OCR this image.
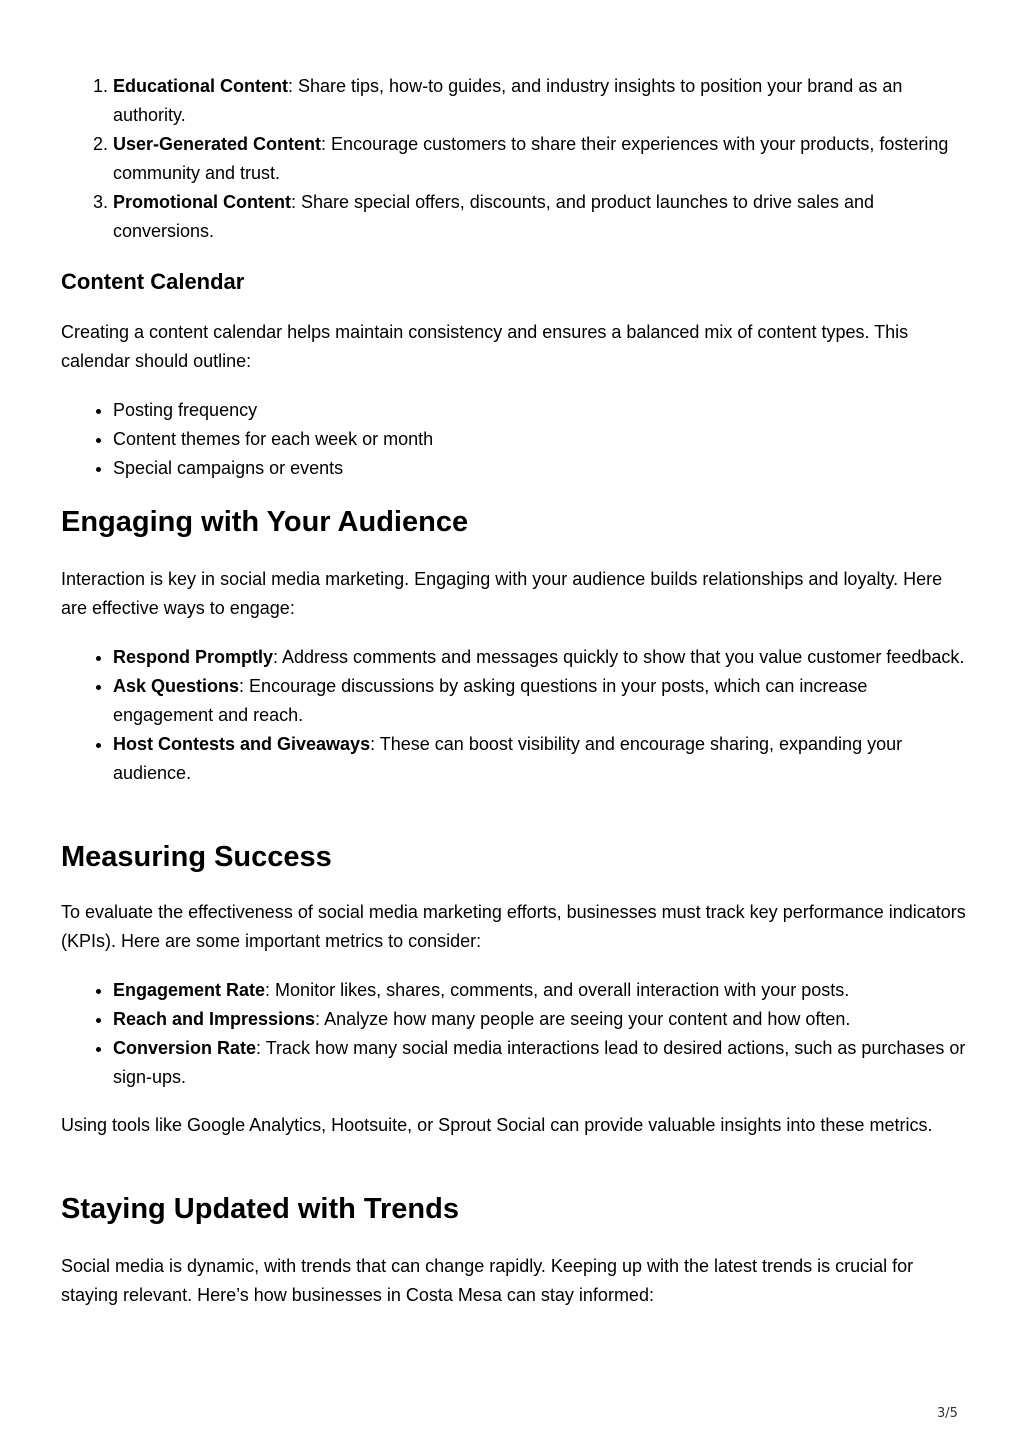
1. Educational Content: Share tips, how-to guides, and industry insights to position your brand as an authority.
2. User-Generated Content: Encourage customers to share their experiences with your products, fostering community and trust.
3. Promotional Content: Share special offers, discounts, and product launches to drive sales and conversions.
Content Calendar

Creating a content calendar helps maintain consistency and ensures a balanced mix of content types. This calendar should outline:

• Posting frequency
• Content themes for each week or month
• Special campaigns or events
Engaging with Your Audience

Interaction is key in social media marketing. Engaging with your audience builds relationships and loyalty. Here are effective ways to engage:

• Respond Promptly: Address comments and messages quickly to show that you value customer feedback.
• Ask Questions: Encourage discussions by asking questions in your posts, which can increase engagement and reach.
• Host Contests and Giveaways: These can boost visibility and encourage sharing, expanding your audience.
Measuring Success

To evaluate the effectiveness of social media marketing efforts, businesses must track key performance indicators (KPIs). Here are some important metrics to consider:

• Engagement Rate: Monitor likes, shares, comments, and overall interaction with your posts.
• Reach and Impressions: Analyze how many people are seeing your content and how often.
• Conversion Rate: Track how many social media interactions lead to desired actions, such as purchases or sign-ups.

Using tools like Google Analytics, Hootsuite, or Sprout Social can provide valuable insights into these metrics.

Staying Updated with Trends

Social media is dynamic, with trends that can change rapidly. Keeping up with the latest trends is crucial for staying relevant. Here’s how businesses in Costa Mesa can stay informed:

3/5
